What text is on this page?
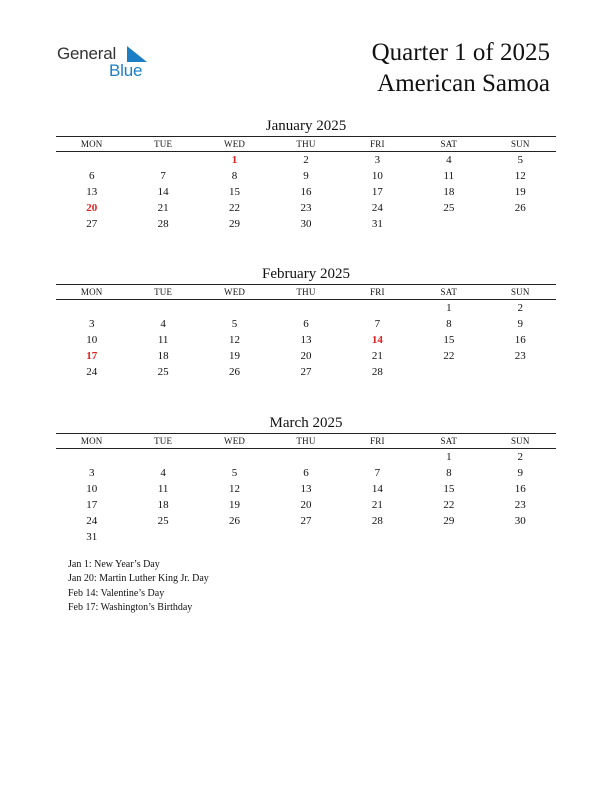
General
Blue
Quarter 1 of 2025
American Samoa
January 2025
MON	TUE	WED	THU	FRI	SAT	SUN
		1	2	3	4	5
6	7	8	9	10	11	12
13	14	15	16	17	18	19
20	21	22	23	24	25	26
27	28	29	30	31		
February 2025
MON	TUE	WED	THU	FRI	SAT	SUN
					1	2
3	4	5	6	7	8	9
10	11	12	13	14	15	16
17	18	19	20	21	22	23
24	25	26	27	28		
March 2025
MON	TUE	WED	THU	FRI	SAT	SUN
					1	2
3	4	5	6	7	8	9
10	11	12	13	14	15	16
17	18	19	20	21	22	23
24	25	26	27	28	29	30
31						
Jan 1: New Year’s Day
Jan 20: Martin Luther King Jr. Day
Feb 14: Valentine’s Day
Feb 17: Washington’s Birthday
